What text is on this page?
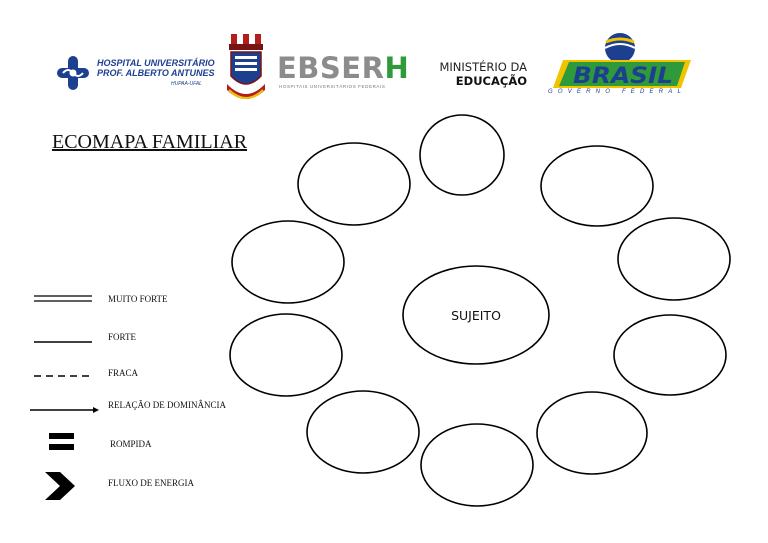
HOSPITAL UNIVERSITÁRIO
PROF. ALBERTO ANTUNES
HUPAA-UFAL	EBSERH
HOSPITAIS UNIVERSITÁRIOS FEDERAIS
MINISTÉRIO DA
EDUCAÇÃO BRASIL
GOVERNO FEDERAL
ECOMAPA FAMILIAR
SUJEITO
MUITO FORTE
FORTE
FRACA
RELAÇÃO DE DOMINÂNCIA
ROMPIDA
FLUXO DE ENERGIA
